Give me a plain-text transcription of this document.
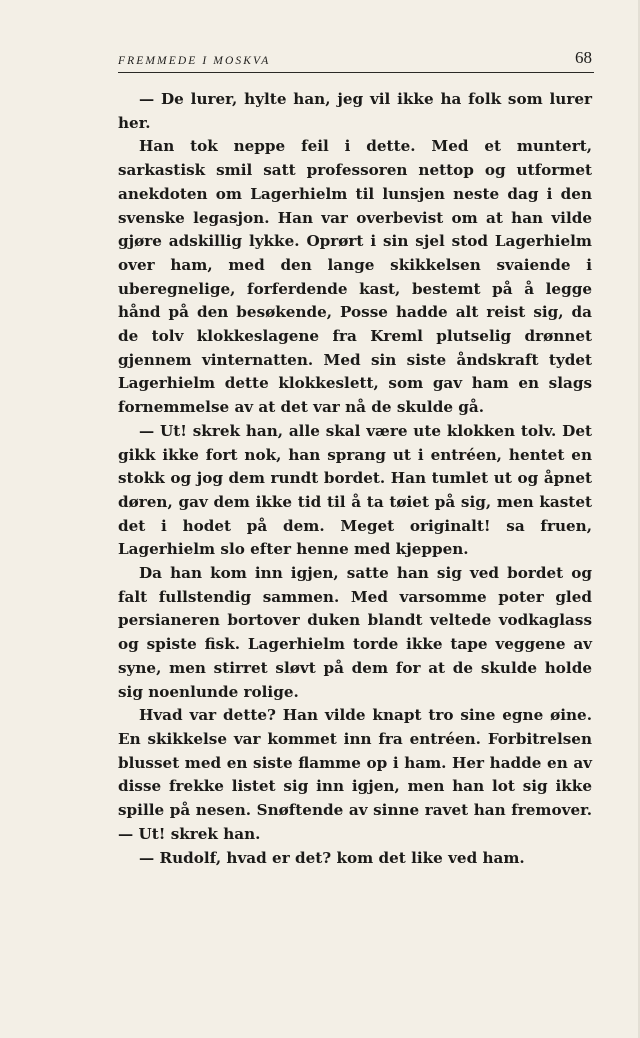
FREMMEDE I MOSKVA	68

— De lurer, hylte han, jeg vil ikke ha folk som lurer her.

Han tok neppe feil i dette. Med et muntert, sarkastisk smil satt professoren nettop og utformet anekdoten om Lagerhielm til lunsjen neste dag i den svenske legasjon. Han var overbevist om at han vilde gjøre adskillig lykke. Oprørt i sin sjel stod Lagerhielm over ham, med den lange skikkelsen svaiende i uberegnelige, forferdende kast, bestemt på å legge hånd på den besøkende, Posse hadde alt reist sig, da de tolv klokkeslagene fra Kreml plutselig drønnet gjennem vinternatten. Med sin siste åndskraft tydet Lagerhielm dette klokkeslett, som gav ham en slags fornemmelse av at det var nå de skulde gå.

— Ut! skrek han, alle skal være ute klokken tolv. Det gikk ikke fort nok, han sprang ut i entréen, hentet en stokk og jog dem rundt bordet. Han tumlet ut og åpnet døren, gav dem ikke tid til å ta tøiet på sig, men kastet det i hodet på dem. Meget originalt! sa fruen, Lagerhielm slo efter henne med kjeppen.

Da han kom inn igjen, satte han sig ved bordet og falt fullstendig sammen. Med varsomme poter gled persianeren bortover duken blandt veltede vodkaglass og spiste fisk. Lagerhielm torde ikke tape veggene av syne, men stirret sløvt på dem for at de skulde holde sig noenlunde rolige.

Hvad var dette? Han vilde knapt tro sine egne øine. En skikkelse var kommet inn fra entréen. Forbitrelsen blusset med en siste flamme op i ham. Her hadde en av disse frekke listet sig inn igjen, men han lot sig ikke spille på nesen. Snøftende av sinne ravet han fremover. — Ut! skrek han.

— Rudolf, hvad er det? kom det like ved ham.
